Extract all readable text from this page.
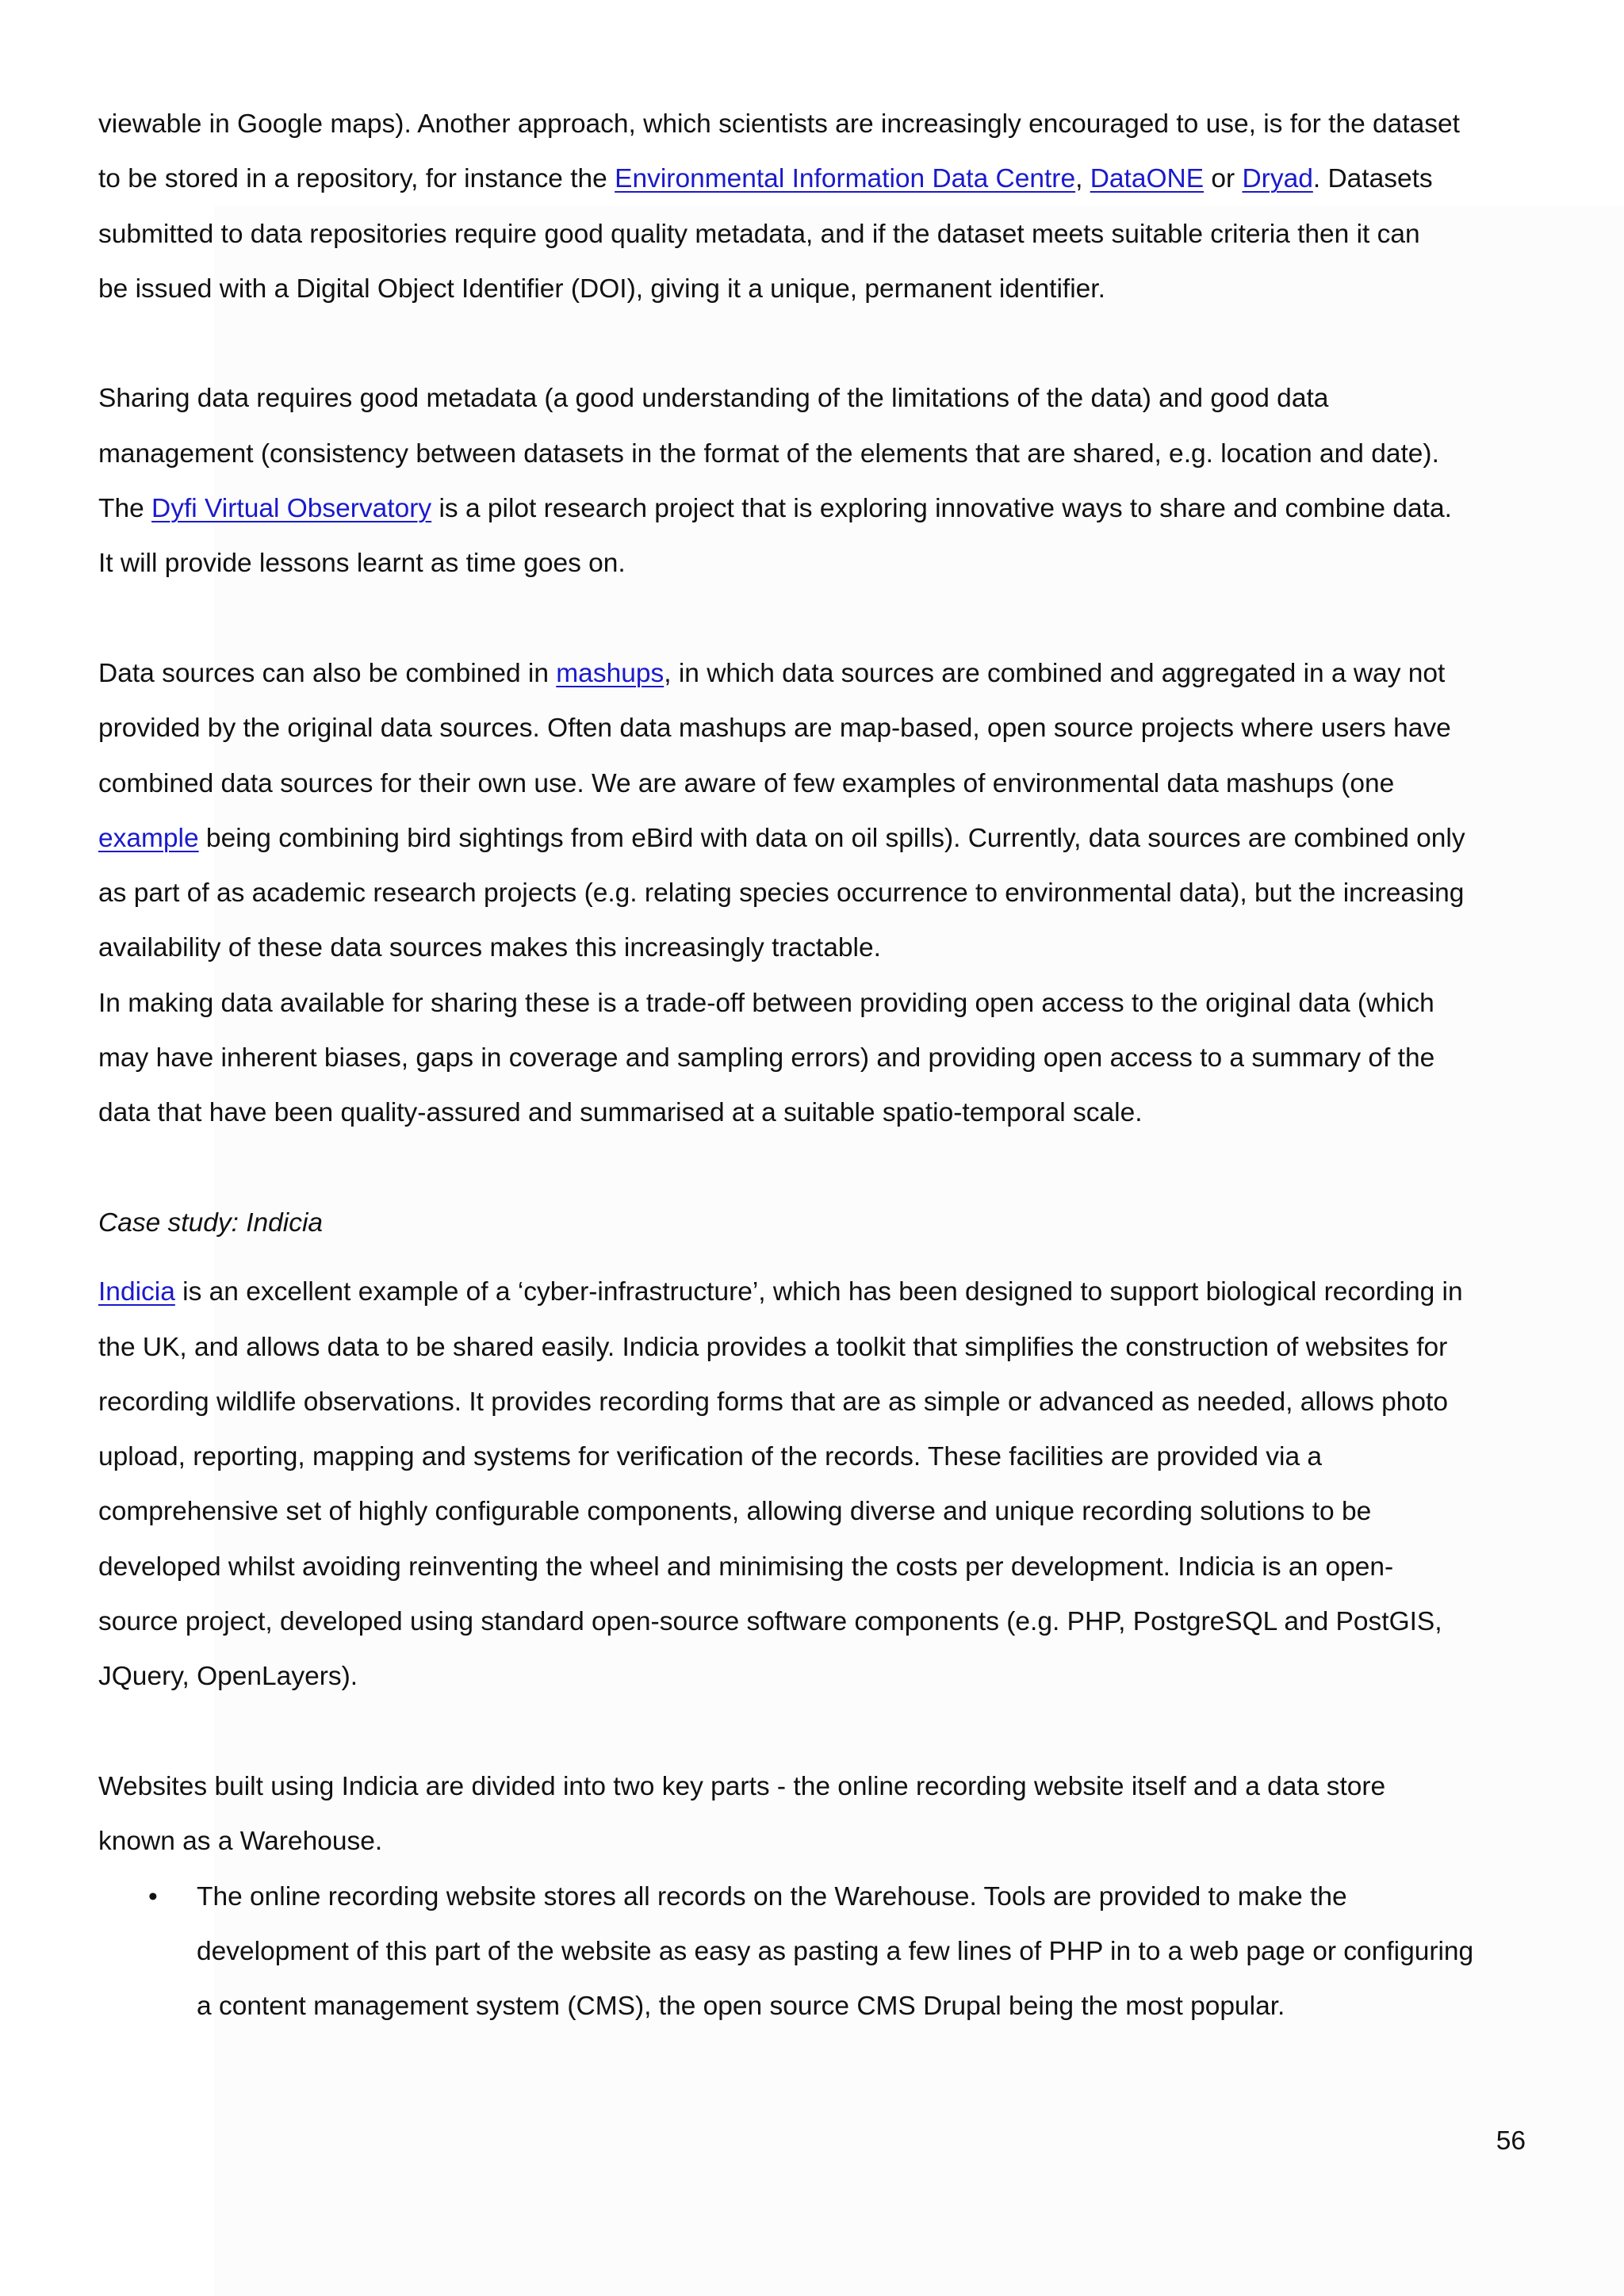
viewable in Google maps). Another approach, which scientists are increasingly encouraged to use, is for the dataset

to be stored in a repository, for instance the Environmental Information Data Centre, DataONE or Dryad. Datasets

submitted to data repositories require good quality metadata, and if the dataset meets suitable criteria then it can

be issued with a Digital Object Identifier (DOI), giving it a unique, permanent identifier.

Sharing data requires good metadata (a good understanding of the limitations of the data) and good data

management (consistency between datasets in the format of the elements that are shared, e.g. location and date).

The Dyfi Virtual Observatory is a pilot research project that is exploring innovative ways to share and combine data.

It will provide lessons learnt as time goes on.

Data sources can also be combined in mashups, in which data sources are combined and aggregated in a way not

provided by the original data sources. Often data mashups are map-based, open source projects where users have

combined data sources for their own use. We are aware of few examples of environmental data mashups (one

example being combining bird sightings from eBird with data on oil spills). Currently, data sources are combined only

as part of as academic research projects (e.g. relating species occurrence to environmental data), but the increasing

availability of these data sources makes this increasingly tractable.

In making data available for sharing these is a trade-off between providing open access to the original data (which

may have inherent biases, gaps in coverage and sampling errors) and providing open access to a summary of the

data that have been quality-assured and summarised at a suitable spatio-temporal scale.

Case study: Indicia

Indicia is an excellent example of a ‘cyber-infrastructure’, which has been designed to support biological recording in

the UK, and allows data to be shared easily. Indicia provides a toolkit that simplifies the construction of websites for

recording wildlife observations. It provides recording forms that are as simple or advanced as needed, allows photo

upload, reporting, mapping and systems for verification of the records. These facilities are provided via a

comprehensive set of highly configurable components, allowing diverse and unique recording solutions to be

developed whilst avoiding reinventing the wheel and minimising the costs per development. Indicia is an open-

source project, developed using standard open-source software components (e.g. PHP, PostgreSQL and PostGIS,

JQuery, OpenLayers).

Websites built using Indicia are divided into two key parts - the online recording website itself and a data store

known as a Warehouse.

• The online recording website stores all records on the Warehouse. Tools are provided to make the

development of this part of the website as easy as pasting a few lines of PHP in to a web page or configuring

a content management system (CMS), the open source CMS Drupal being the most popular.

56
